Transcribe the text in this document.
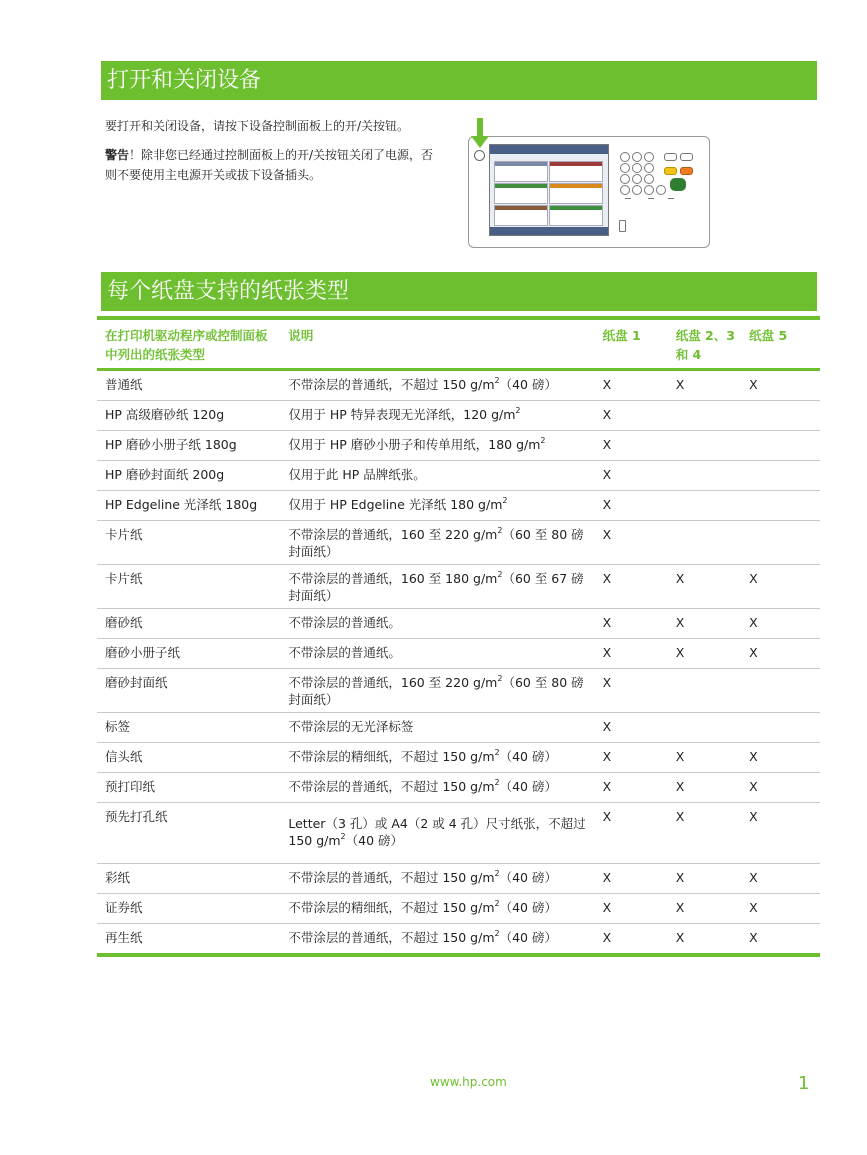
打开和关闭设备
要打开和关闭设备，请按下设备控制面板上的开/关按钮。
警告！除非您已经通过控制面板上的开/关按钮关闭了电源，否则不要使用主电源开关或拔下设备插头。
每个纸盘支持的纸张类型
在打印机驱动程序或控制面板中列出的纸张类型	说明	纸盘 1	纸盘 2、3 和 4	纸盘 5
普通纸	不带涂层的普通纸，不超过 150 $g/m^2(40$ 磅）	X	X	X
HP 高级磨砂纸 120g	仅用于 HP 特异表现无光泽纸，120 $g/m^2$	X		
HP 磨砂小册子纸 180g	仅用于 HP 磨砂小册子和传单用纸，180 $g/m^2$	X		
HP 磨砂封面纸 200g	仅用于此 HP 品牌纸张。	X		
HP Edgeline 光泽纸 180g	仅用于 HP Edgeline 光泽纸 180 $g/m^2$	X		
卡片纸	不带涂层的普通纸，160 至 220 $g/m^2(60$ 至 80 磅封面纸）	X		
卡片纸	不带涂层的普通纸，160 至 180 $g/m^2(60$ 至 67 磅封面纸）	X	X	X
磨砂纸	不带涂层的普通纸。	X	X	X
磨砂小册子纸	不带涂层的普通纸。	X	X	X
磨砂封面纸	不带涂层的普通纸，160 至 220 $g/m^2(60$ 至 80 磅封面纸）	X		
标签	不带涂层的无光泽标签	X		
信头纸	不带涂层的精细纸，不超过 150 $g/m^2(40$ 磅）	X	X	X
预打印纸	不带涂层的普通纸，不超过 150 $g/m^2(40$ 磅）	X	X	X
预先打孔纸	Letter（3 孔）或 A4（2 或 4 孔）尺寸纸张，不超过 150 $g/m^2(40$ 磅）	X	X	X
彩纸	不带涂层的普通纸，不超过 150 $g/m^2(40$ 磅）	X	X	X
证券纸	不带涂层的精细纸，不超过 150 $g/m^2(40$ 磅）	X	X	X
再生纸	不带涂层的普通纸，不超过 150 $g/m^2(40$ 磅）	X	X	X
www.hp.com	1
